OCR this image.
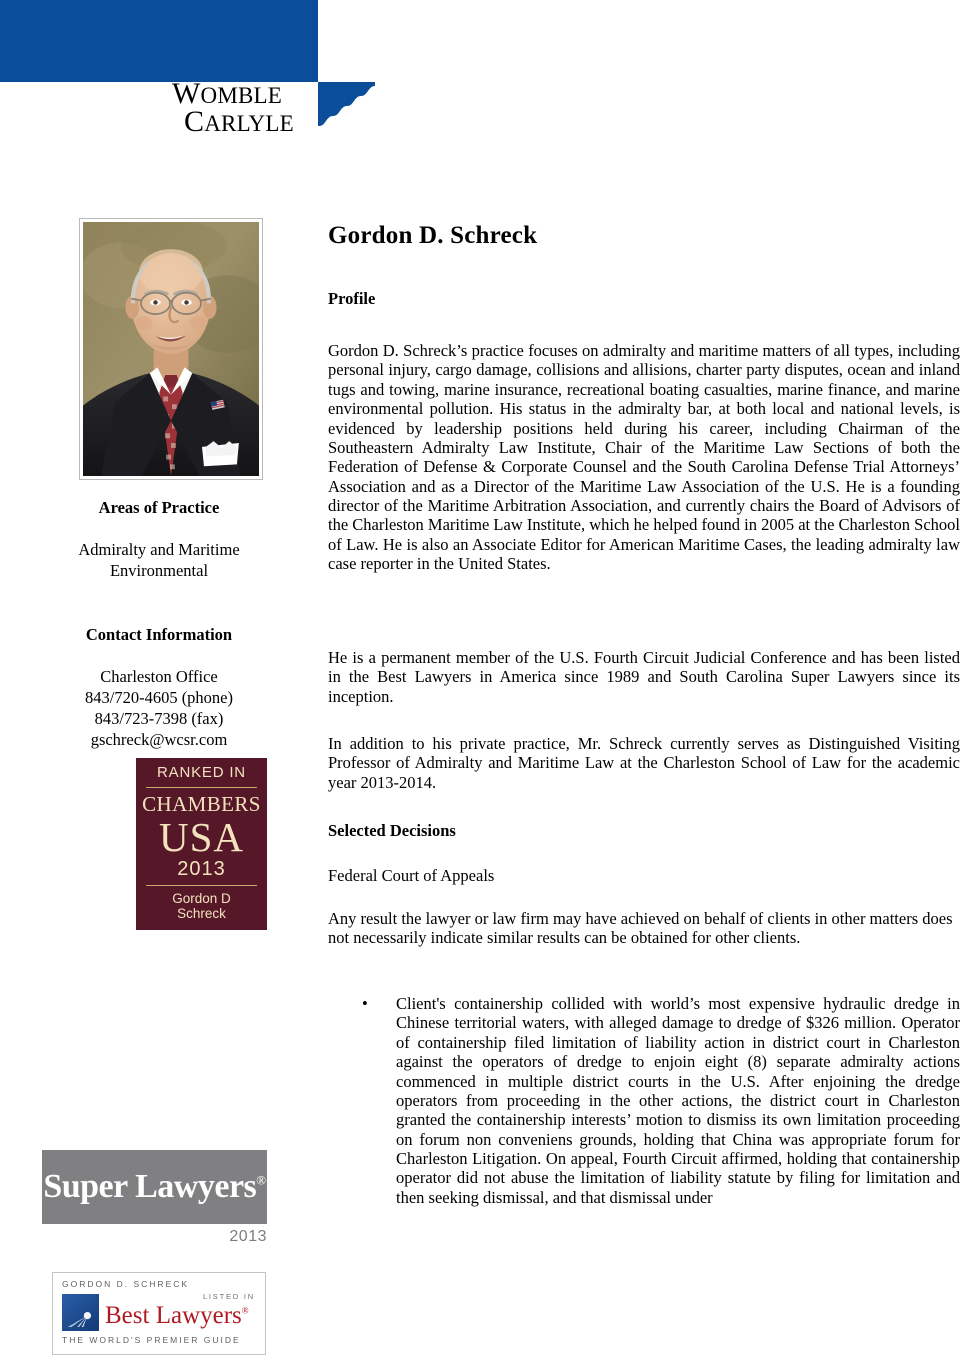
WOMBLE
CARLYLE

Areas of Practice

Admiralty and Maritime
Environmental

Contact Information

Charleston Office
843/720-4605 (phone)
843/723-7398 (fax)
gschreck@wcsr.com
RANKED IN
CHAMBERS
USA
2013
Gordon D
Schreck
Super Lawyers®
2013
GORDON D. SCHRECK
LISTED IN
Best Lawyers®
THE WORLD'S PREMIER GUIDE
Gordon D. Schreck
Profile

Gordon D. Schreck’s practice focuses on admiralty and maritime matters of all types, including personal injury, cargo damage, collisions and allisions, charter party disputes, ocean and inland tugs and towing, marine insurance, recreational boating casualties, marine finance, and marine environmental pollution. His status in the admiralty bar, at both local and national levels, is evidenced by leadership positions held during his career, including Chairman of the Southeastern Admiralty Law Institute, Chair of the Maritime Law Sections of both the Federation of Defense & Corporate Counsel and the South Carolina Defense Trial Attorneys’ Association and as a Director of the Maritime Law Association of the U.S. He is a founding director of the Maritime Arbitration Association, and currently chairs the Board of Advisors of the Charleston Maritime Law Institute, which he helped found in 2005 at the Charleston School of Law. He is also an Associate Editor for American Maritime Cases, the leading admiralty law case reporter in the United States.

He is a permanent member of the U.S. Fourth Circuit Judicial Conference and has been listed in the Best Lawyers in America since 1989 and South Carolina Super Lawyers since its inception.

In addition to his private practice, Mr. Schreck currently serves as Distinguished Visiting Professor of Admiralty and Maritime Law at the Charleston School of Law for the academic year 2013-2014.

Selected Decisions

Federal Court of Appeals

Any result the lawyer or law firm may have achieved on behalf of clients in other matters does not necessarily indicate similar results can be obtained for other clients.

• Client's containership collided with world’s most expensive hydraulic dredge in Chinese territorial waters, with alleged damage to dredge of $326 million. Operator of containership filed limitation of liability action in district court in Charleston against the operators of dredge to enjoin eight (8) separate admiralty actions commenced in multiple district courts in the U.S. After enjoining the dredge operators from proceeding in the other actions, the district court in Charleston granted the containership interests’ motion to dismiss its own limitation proceeding on forum non conveniens grounds, holding that China was appropriate forum for Charleston Litigation. On appeal, Fourth Circuit affirmed, holding that containership operator did not abuse the limitation of liability statute by filing for limitation and then seeking dismissal, and that dismissal under
